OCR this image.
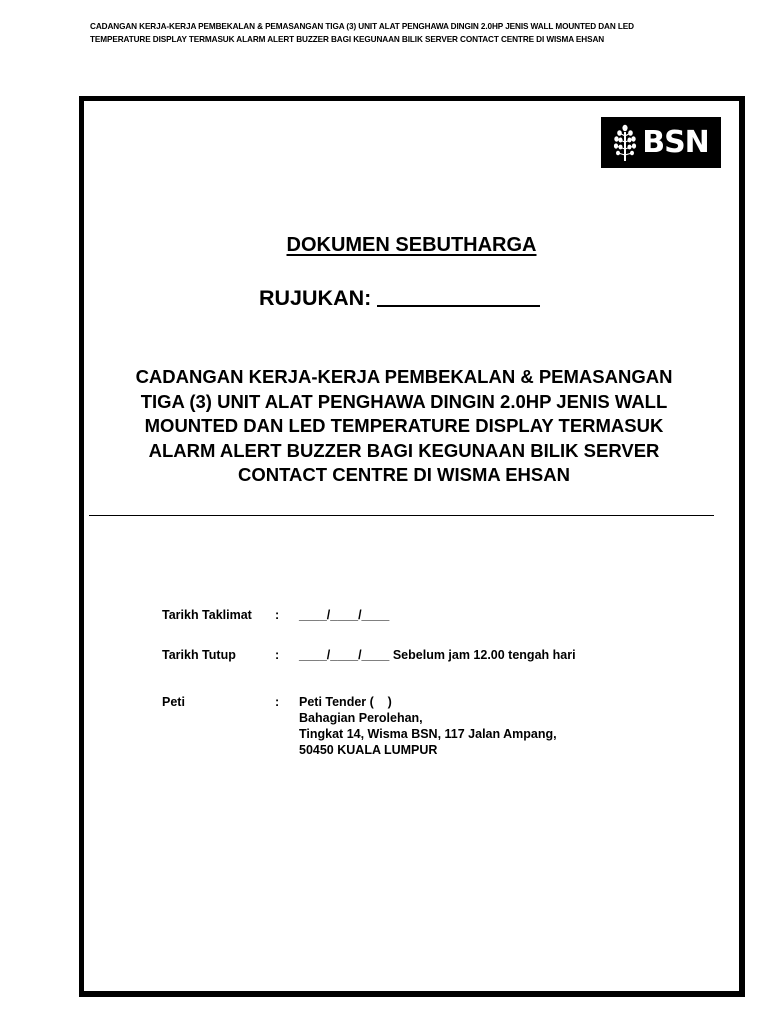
CADANGAN KERJA-KERJA PEMBEKALAN & PEMASANGAN TIGA (3) UNIT ALAT PENGHAWA DINGIN 2.0HP JENIS WALL MOUNTED DAN LED
TEMPERATURE DISPLAY TERMASUK ALARM ALERT BUZZER BAGI KEGUNAAN BILIK SERVER CONTACT CENTRE DI WISMA EHSAN
BSN
DOKUMEN SEBUTHARGA
RUJUKAN:
CADANGAN KERJA-KERJA PEMBEKALAN & PEMASANGAN
TIGA (3) UNIT ALAT PENGHAWA DINGIN 2.0HP JENIS WALL
MOUNTED DAN LED TEMPERATURE DISPLAY TERMASUK
ALARM ALERT BUZZER BAGI KEGUNAAN BILIK SERVER
CONTACT CENTRE DI WISMA EHSAN
Tarikh Taklimat : ____/____/____
Tarikh Tutup	: ____/____/____ Sebelum jam 12.00 tengah hari
Peti	: Peti Tender (    )
Bahagian Perolehan,
Tingkat 14, Wisma BSN, 117 Jalan Ampang,
50450 KUALA LUMPUR
